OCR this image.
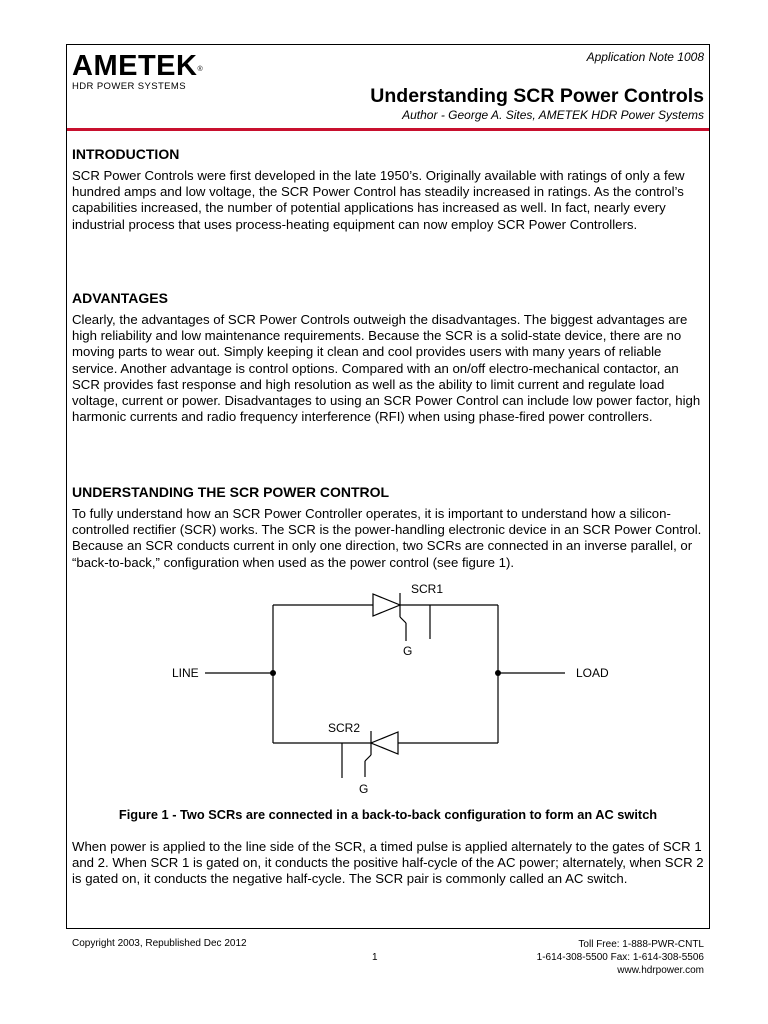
AMETEK®
HDR POWER SYSTEMS
Application Note 1008
Understanding SCR Power Controls
Author - George A. Sites, AMETEK HDR Power Systems
INTRODUCTION

SCR Power Controls were first developed in the late 1950’s. Originally available with ratings of only a few hundred amps and low voltage, the SCR Power Control has steadily increased in ratings. As the control’s capabilities increased, the number of potential applications has increased as well. In fact, nearly every industrial process that uses process-heating equipment can now employ SCR Power Controllers.

ADVANTAGES

Clearly, the advantages of SCR Power Controls outweigh the disadvantages. The biggest advantages are high reliability and low maintenance requirements. Because the SCR is a solid-state device, there are no moving parts to wear out. Simply keeping it clean and cool provides users with many years of reliable service. Another advantage is control options. Compared with an on/off electro-mechanical contactor, an SCR provides fast response and high resolution as well as the ability to limit current and regulate load voltage, current or power. Disadvantages to using an SCR Power Control can include low power factor, high harmonic currents and radio frequency interference (RFI) when using phase-fired power controllers.

UNDERSTANDING THE SCR POWER CONTROL

To fully understand how an SCR Power Controller operates, it is important to understand how a silicon-controlled rectifier (SCR) works. The SCR is the power-handling electronic device in an SCR Power Control. Because an SCR conducts current in only one direction, two SCRs are connected in an inverse parallel, or “back-to-back,” configuration when used as the power control (see figure 1).

SCR1
G
LINE	LOAD
SCR2
G
Figure 1 - Two SCRs are connected in a back-to-back configuration to form an AC switch

When power is applied to the line side of the SCR, a timed pulse is applied alternately to the gates of SCR 1 and 2. When SCR 1 is gated on, it conducts the positive half-cycle of the AC power; alternately, when SCR 2 is gated on, it conducts the negative half-cycle. The SCR pair is commonly called an AC switch.

Copyright 2003, Republished Dec 2012
1
Toll Free: 1-888-PWR-CNTL
1-614-308-5500 Fax: 1-614-308-5506
www.hdrpower.com
